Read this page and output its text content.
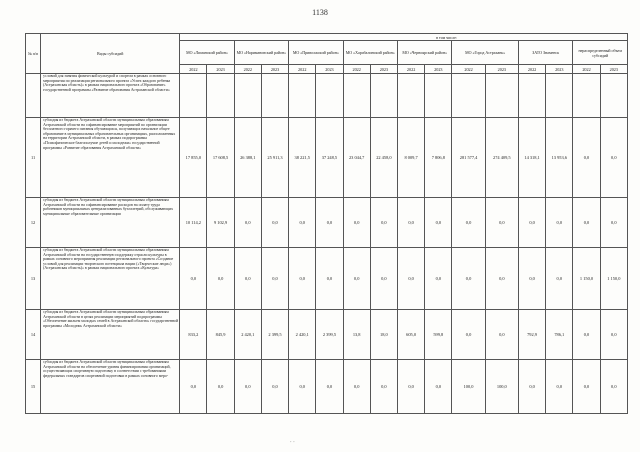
1138
№ п/п	Виды субсидий	в том числе:															
		МО «Лиманский район»		МО «Наримановский район»		МО «Приволжский район»		МО «Харабалинский район»		МО «Черноярский район»		МО «Город Астрахань»		ЗАТО Знаменск		нераспределенный объем субсидий	
		2022	2023	2022	2023	2022	2023	2022	2023	2022	2023	2022	2023	2022	2023	2022	2023
	условий для занятия физической культурой и спортом в рамках основного мероприятия по реализации регионального проекта «Успех каждого ребенка (Астраханская область)» в рамках национального проекта «Образование» государственной программы «Развитие образования Астраханской области»																
11	субсидия из бюджета Астраханской области муниципальным образованиям Астраханской области на софинансирование мероприятий по организации бесплатного горячего питания обучающихся, получающих начальное общее образование в муниципальных образовательных организациях, расположенных на территории Астраханской области, в рамках подпрограммы «Психофизическое благополучие детей и молодежи» государственной программы «Развитие образования Астраханской области»	17 855,0	17 608,5	26 388,1	25 911,3	38 221,5	37 248,5	23 044,7	22 458,0	8 009,7	7 806,8	281 577,4	274 409,5	14 318,1	13 953,6	0,0	0,0
12	субсидия из бюджета Астраханской области муниципальным образованиям Астраханской области на софинансирование расходов на оплату труда работников муниципальных централизованных бухгалтерий, обслуживающих муниципальные образовательные организации	10 114,2	9 102,9	0,0	0,0	0,0	0,0	0,0	0,0	0,0	0,0	0,0	0,0	0,0	0,0	0,0	0,0
13	субсидия из бюджета Астраханской области муниципальным образованиям Астраханской области на государственную поддержку отрасли культуры в рамках основного мероприятия реализации регионального проекта «Создание условий для реализации творческого потенциала нации («Творческие люди») (Астраханская область)» в рамках национального проекта «Культура»	0,0	0,0	0,0	0,0	0,0	0,0	0,0	0,0	0,0	0,0	0,0	0,0	0,0	0,0	1 150,0	1 150,0
14	субсидия из бюджета Астраханской области муниципальным образованиям Астраханской области в целях реализации мероприятий подпрограммы «Обеспечение жильем молодых семей в Астраханской области» государственной программы «Молодежь Астраханской области»	833,2	845,9	2 420,1	2 399,5	2 420,1	2 399,5	13,8	18,0	605,0	599,8	0,0	0,0	792,9	786,1	0,0	0,0
15	субсидия из бюджета Астраханской области муниципальным образованиям Астраханской области на обеспечение уровня финансирования организаций, осуществляющих спортивную подготовку в соответствии с требованиями федеральных стандартов спортивной подготовки в рамках основного меро-	0,0	0,0	0,0	0,0	0,0	0,0	0,0	0,0	0,0	0,0	100,0	100,0	0,0	0,0	0,0	0,0
⸱ ⸱
